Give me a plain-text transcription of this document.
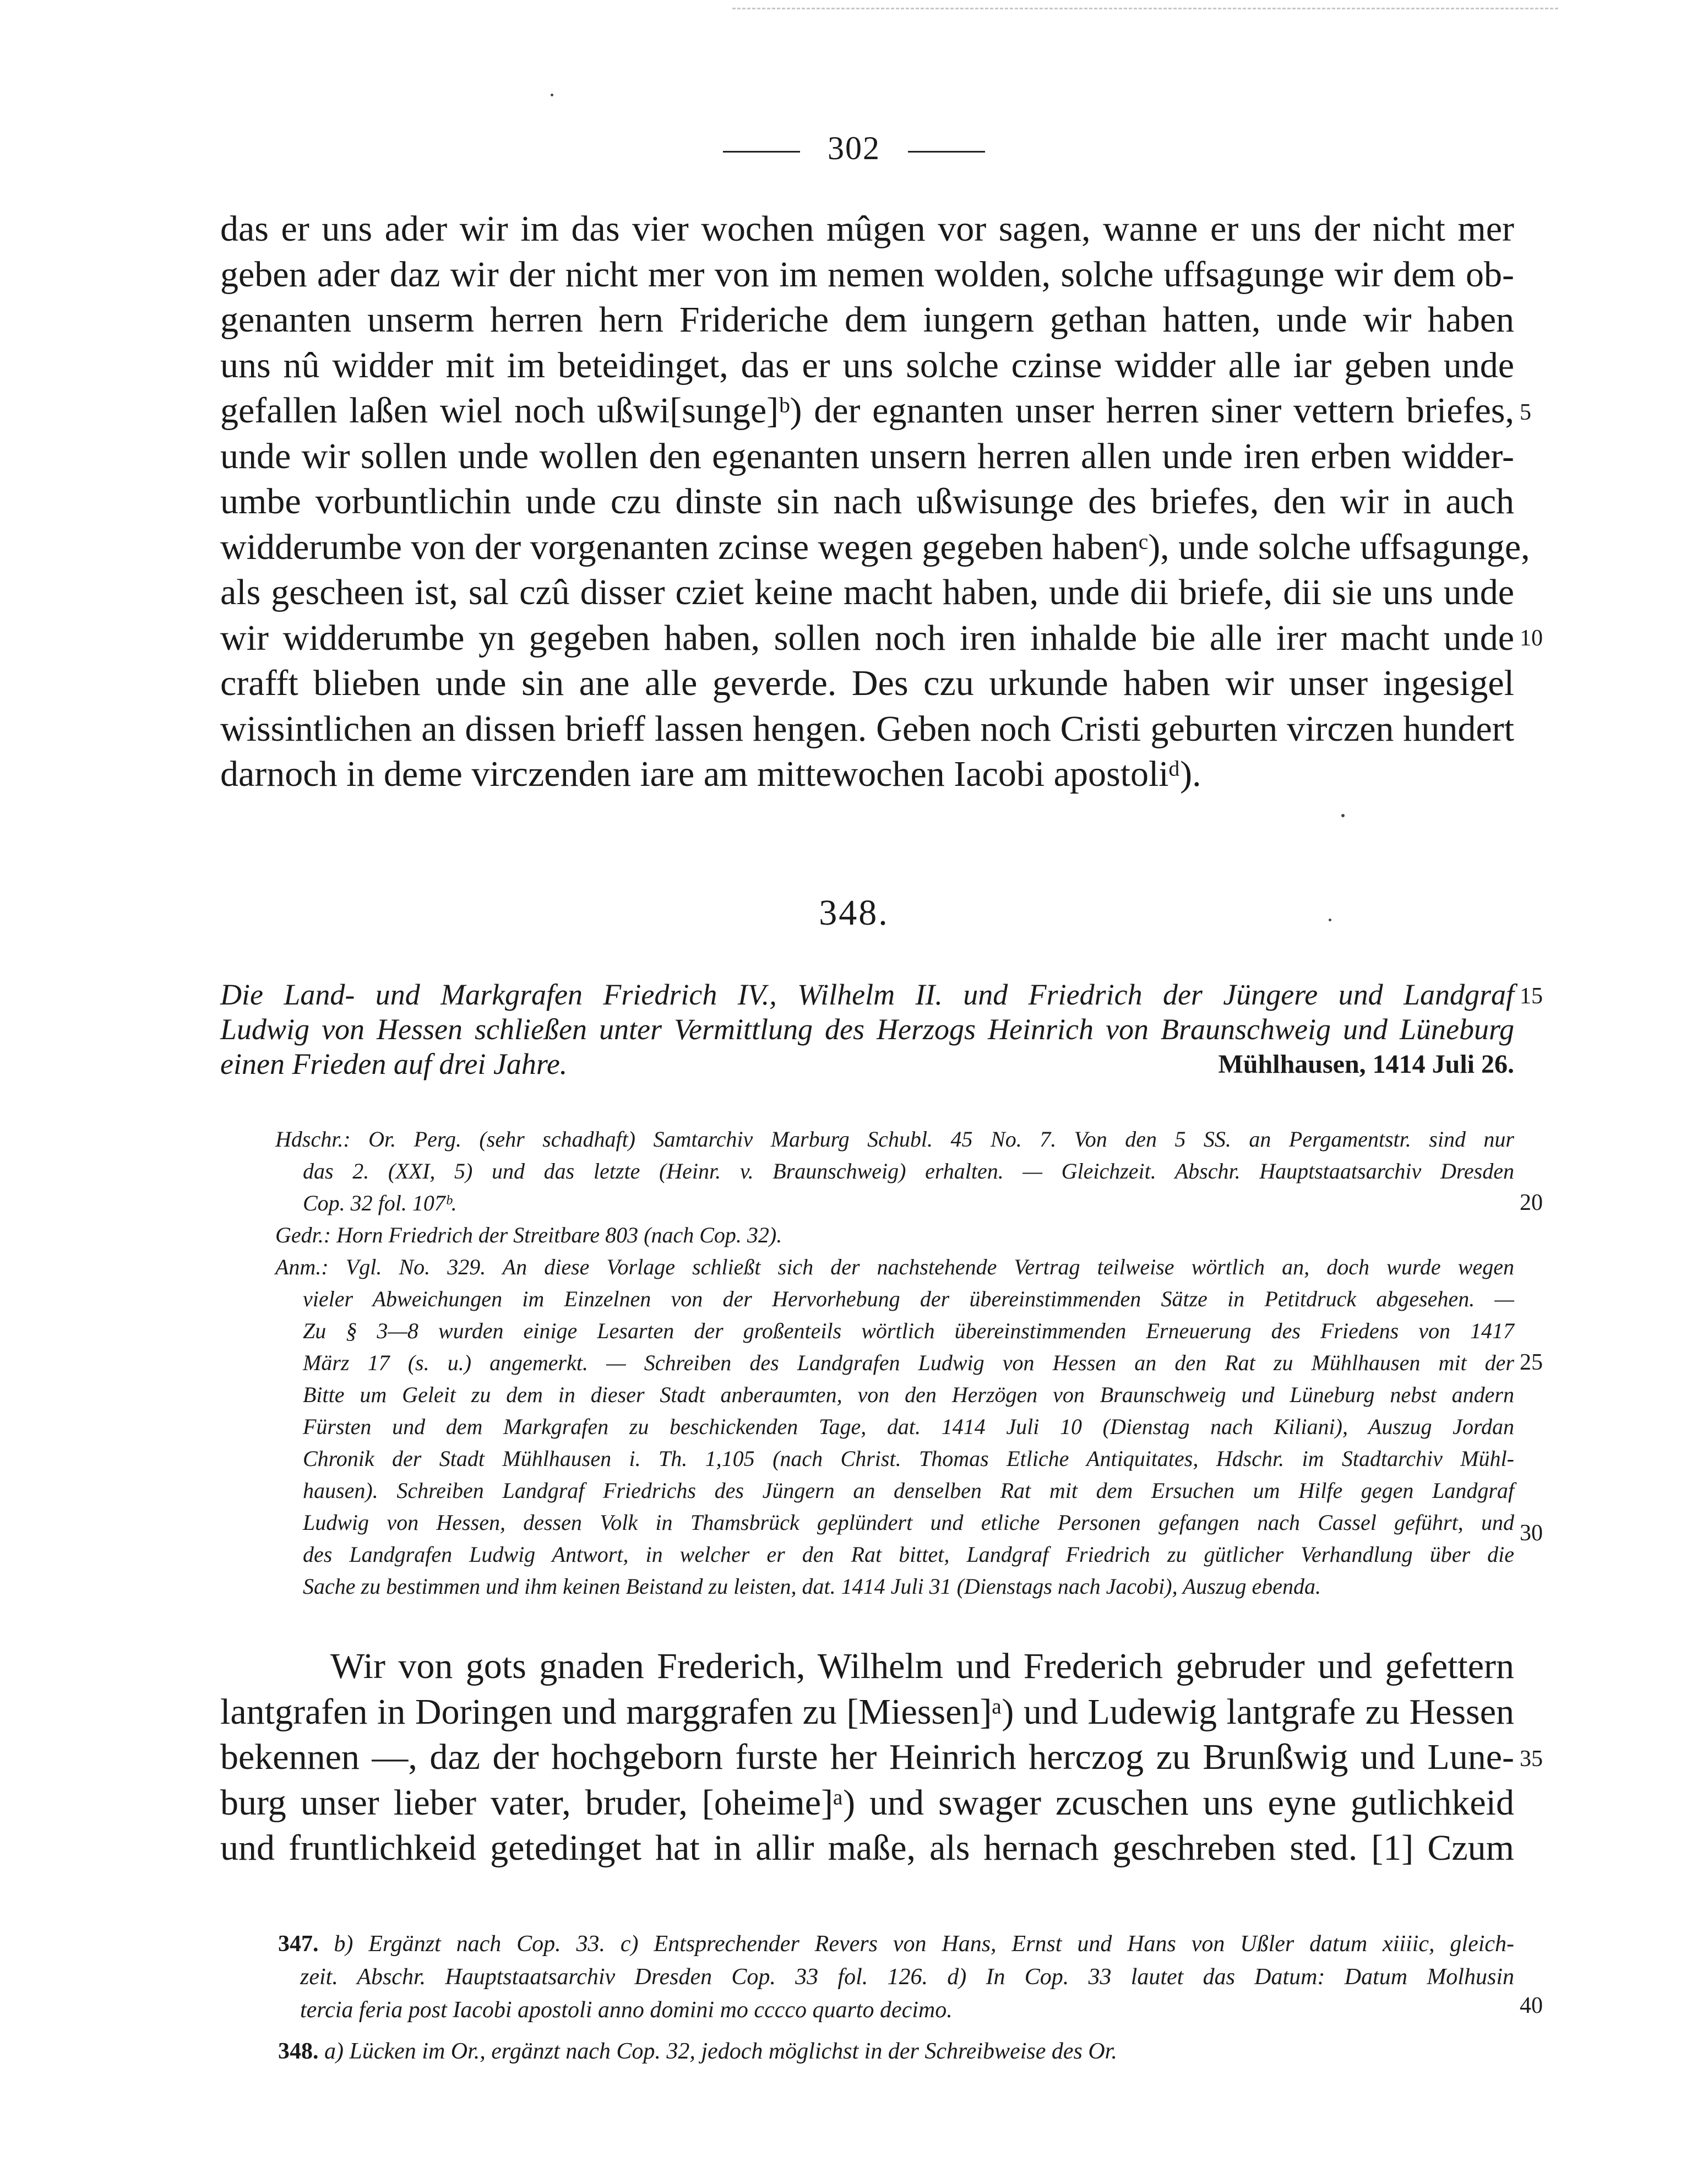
302
das er uns ader wir im das vier wochen mûgen vor sagen, wanne er uns der nicht mer
geben ader daz wir der nicht mer von im nemen wolden, solche uffsagunge wir dem ob-
genanten unserm herren hern Frideriche dem iungern gethan hatten, unde wir haben
uns nû widder mit im beteidinget, das er uns solche czinse widder alle iar geben unde
gefallen laßen wiel noch ußwi[sunge]ᵇ) der egnanten unser herren siner vettern briefes,
unde wir sollen unde wollen den egenanten unsern herren allen unde iren erben widder-
umbe vorbuntlichin unde czu dinste sin nach ußwisunge des briefes, den wir in auch
widderumbe von der vorgenanten zcinse wegen gegeben habenᶜ), unde solche uffsagunge,
als gescheen ist, sal czû disser cziet keine macht haben, unde dii briefe, dii sie uns unde
wir widderumbe yn gegeben haben, sollen noch iren inhalde bie alle irer macht unde
crafft blieben unde sin ane alle geverde. Des czu urkunde haben wir unser ingesigel
wissintlichen an dissen brieff lassen hengen. Geben noch Cristi geburten virczen hundert
darnoch in deme virczenden iare am mittewochen Iacobi apostoliᵈ).
5
10
348.
Die Land- und Markgrafen Friedrich IV., Wilhelm II. und Friedrich der Jüngere und Landgraf
Ludwig von Hessen schließen unter Vermittlung des Herzogs Heinrich von Braunschweig und Lüneburg
einen Frieden auf drei Jahre.	Mühlhausen, 1414 Juli 26.
15
Hdschr.: Or. Perg. (sehr schadhaft) Samtarchiv Marburg Schubl. 45 No. 7. Von den 5 SS. an Pergamentstr. sind nur
das 2. (XXI, 5) und das letzte (Heinr. v. Braunschweig) erhalten. — Gleichzeit. Abschr. Hauptstaatsarchiv Dresden
Cop. 32 fol. 107ᵇ.
Gedr.: Horn Friedrich der Streitbare 803 (nach Cop. 32).
Anm.: Vgl. No. 329. An diese Vorlage schließt sich der nachstehende Vertrag teilweise wörtlich an, doch wurde wegen
vieler Abweichungen im Einzelnen von der Hervorhebung der übereinstimmenden Sätze in Petitdruck abgesehen. —
Zu § 3—8 wurden einige Lesarten der großenteils wörtlich übereinstimmenden Erneuerung des Friedens von 1417
März 17 (s. u.) angemerkt. — Schreiben des Landgrafen Ludwig von Hessen an den Rat zu Mühlhausen mit der
Bitte um Geleit zu dem in dieser Stadt anberaumten, von den Herzögen von Braunschweig und Lüneburg nebst andern
Fürsten und dem Markgrafen zu beschickenden Tage, dat. 1414 Juli 10 (Dienstag nach Kiliani), Auszug Jordan
Chronik der Stadt Mühlhausen i. Th. 1,105 (nach Christ. Thomas Etliche Antiquitates, Hdschr. im Stadtarchiv Mühl-
hausen). Schreiben Landgraf Friedrichs des Jüngern an denselben Rat mit dem Ersuchen um Hilfe gegen Landgraf
Ludwig von Hessen, dessen Volk in Thamsbrück geplündert und etliche Personen gefangen nach Cassel geführt, und
des Landgrafen Ludwig Antwort, in welcher er den Rat bittet, Landgraf Friedrich zu gütlicher Verhandlung über die
Sache zu bestimmen und ihm keinen Beistand zu leisten, dat. 1414 Juli 31 (Dienstags nach Jacobi), Auszug ebenda.
20
25
30
Wir von gots gnaden Frederich, Wilhelm und Frederich gebruder und gefettern
lantgrafen in Doringen und marggrafen zu [Miessen]ᵃ) und Ludewig lantgrafe zu Hessen
bekennen —, daz der hochgeborn furste her Heinrich herczog zu Brunßwig und Lune-
burg unser lieber vater, bruder, [oheime]ᵃ) und swager zcuschen uns eyne gutlichkeid
und fruntlichkeid getedinget hat in allir maße, als hernach geschreben sted. [1] Czum
35
347. b) Ergänzt nach Cop. 33. c) Entsprechender Revers von Hans, Ernst und Hans von Ußler datum xiiiic, gleich-
zeit. Abschr. Hauptstaatsarchiv Dresden Cop. 33 fol. 126. d) In Cop. 33 lautet das Datum: Datum Molhusin
tercia feria post Iacobi apostoli anno domini mo cccco quarto decimo.	40
348. a) Lücken im Or., ergänzt nach Cop. 32, jedoch möglichst in der Schreibweise des Or.
